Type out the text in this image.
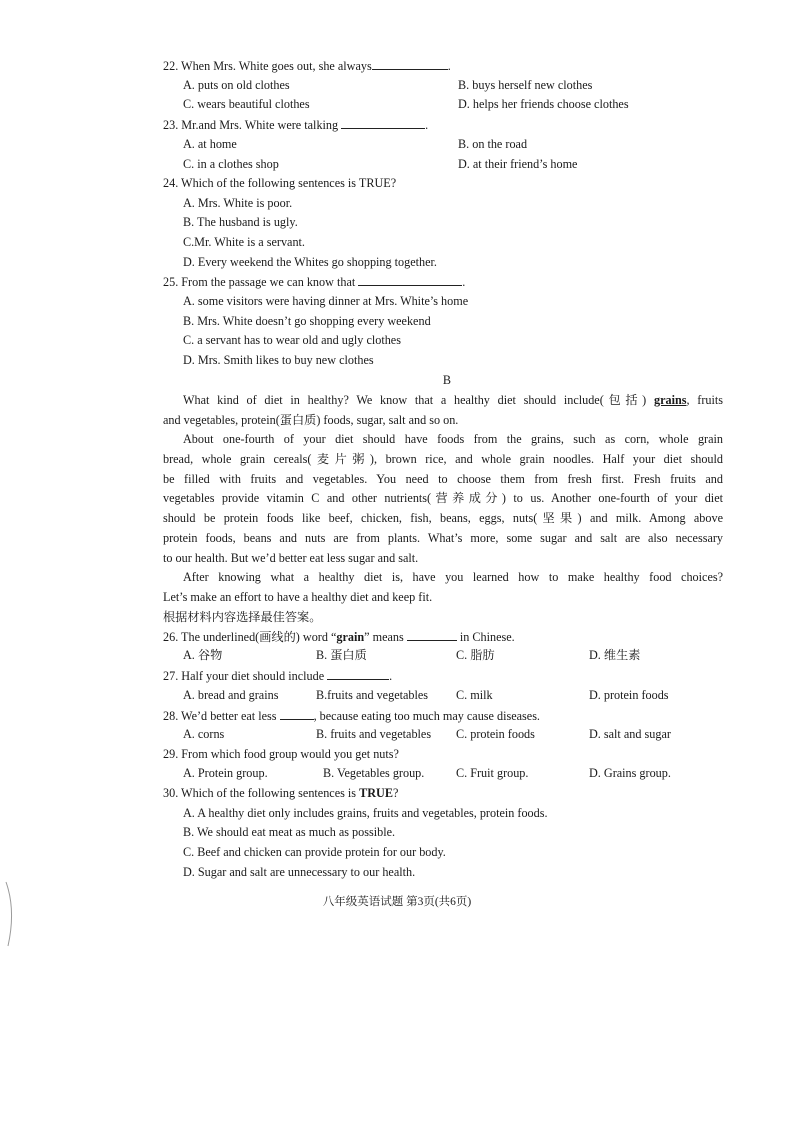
22. When Mrs. White goes out, she always	.
A. puts on old clothes	B. buys herself new clothes
C. wears beautiful clothes	D. helps her friends choose clothes
23. Mr.and Mrs. White were talking	.
A. at home	B. on the road
C. in a clothes shop	D. at their friend’s home
24. Which of the following sentences is TRUE?
A. Mrs. White is poor.
B. The husband is ugly.
C.Mr. White is a servant.
D. Every weekend the Whites go shopping together.
25. From the passage we can know that	.
A. some visitors were having dinner at Mrs. White’s home
B. Mrs. White doesn’t go shopping every weekend
C. a servant has to wear old and ugly clothes
D. Mrs. Smith likes to buy new clothes
B
What kind of diet in healthy? We know that a healthy diet should include(包括) grains, fruits
and vegetables, protein(蛋白质) foods, sugar, salt and so on.
About one-fourth of your diet should have foods from the grains, such as corn, whole grain
bread, whole grain cereals(麦片粥), brown rice, and whole grain noodles. Half your diet should
be filled with fruits and vegetables. You need to choose them from fresh first. Fresh fruits and
vegetables provide vitamin C and other nutrients(营养成分) to us. Another one-fourth of your diet
should be protein foods like beef, chicken, fish, beans, eggs, nuts(坚果) and milk. Among above
protein foods, beans and nuts are from plants. What’s more, some sugar and salt are also necessary
to our health. But we’d better eat less sugar and salt.
After knowing what a healthy diet is, have you learned how to make healthy food choices?
Let’s make an effort to have a healthy diet and keep fit.
根据材料内容选择最佳答案。
26. The underlined(画线的) word “grain” means	in Chinese.
A. 谷物	B. 蛋白质	C. 脂肪	D. 维生素
27. Half your diet should include	.
A. bread and grains	B.fruits and vegetables C. milk	D. protein foods
28. We’d better eat less	, because eating too much may cause diseases.
A. corns	B. fruits and vegetables C. protein foods	D. salt and sugar
29. From which food group would you get nuts?
A. Protein group.	B. Vegetables group.	C. Fruit group.	D. Grains group.
30. Which of the following sentences is TRUE?
A. A healthy diet only includes grains, fruits and vegetables, protein foods.
B. We should eat meat as much as possible.
C. Beef and chicken can provide protein for our body.
D. Sugar and salt are unnecessary to our health.
八年级英语试题 第3页(共6页)
